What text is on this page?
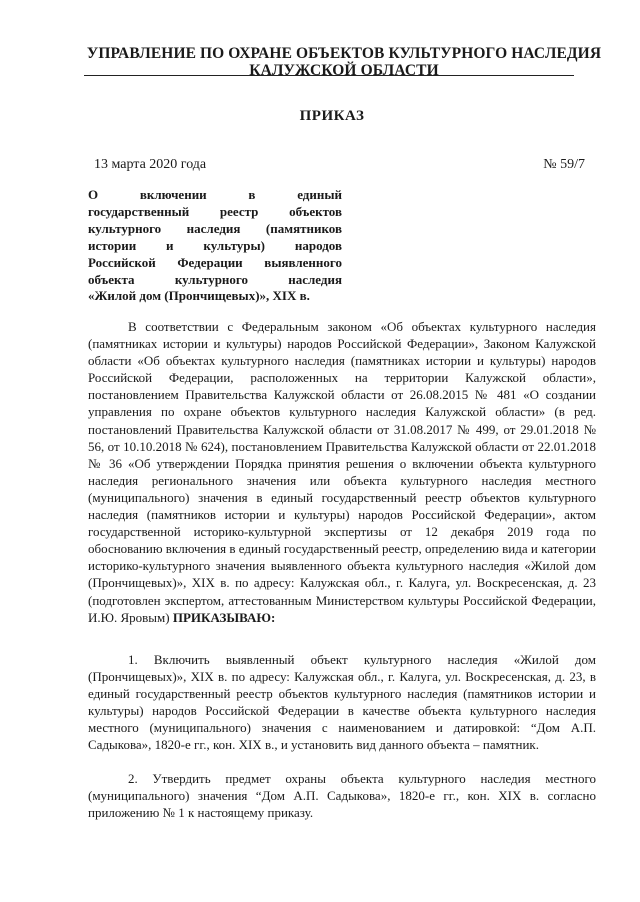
УПРАВЛЕНИЕ ПО ОХРАНЕ ОБЪЕКТОВ КУЛЬТУРНОГО НАСЛЕДИЯ
КАЛУЖСКОЙ ОБЛАСТИ
ПРИКАЗ
13 марта 2020 года	№ 59/7
О включении в единый
государственный реестр объектов
культурного наследия (памятников
истории и культуры) народов
Российской Федерации выявленного
объекта культурного наследия
«Жилой дом (Прончищевых)», XIX в.

В соответствии с Федеральным законом «Об объектах культурного наследия (памятниках истории и культуры) народов Российской Федерации», Законом Калужской области «Об объектах культурного наследия (памятниках истории и культуры) народов Российской Федерации, расположенных на территории Калужской области», постановлением Правительства Калужской области от 26.08.2015 № 481 «О создании управления по охране объектов культурного наследия Калужской области» (в ред. постановлений Правительства Калужской области от 31.08.2017 № 499, от 29.01.2018 № 56, от 10.10.2018 № 624), постановлением Правительства Калужской области от 22.01.2018 № 36 «Об утверждении Порядка принятия решения о включении объекта культурного наследия регионального значения или объекта культурного наследия местного (муниципального) значения в единый государственный реестр объектов культурного наследия (памятников истории и культуры) народов Российской Федерации», актом государственной историко-культурной экспертизы от 12 декабря 2019 года по обоснованию включения в единый государственный реестр, определению вида и категории историко-культурного значения выявленного объекта культурного наследия «Жилой дом (Прончищевых)», XIX в. по адресу: Калужская обл., г. Калуга, ул. Воскресенская, д. 23 (подготовлен экспертом, аттестованным Министерством культуры Российской Федерации, И.Ю. Яровым) ПРИКАЗЫВАЮ:

1. Включить выявленный объект культурного наследия «Жилой дом (Прончищевых)», XIX в. по адресу: Калужская обл., г. Калуга, ул. Воскресенская, д. 23, в единый государственный реестр объектов культурного наследия (памятников истории и культуры) народов Российской Федерации в качестве объекта культурного наследия местного (муниципального) значения с наименованием и датировкой: “Дом А.П. Садыкова», 1820-е гг., кон. XIX в., и установить вид данного объекта – памятник.

2. Утвердить предмет охраны объекта культурного наследия местного (муниципального) значения “Дом А.П. Садыкова», 1820-е гг., кон. XIX в. согласно приложению № 1 к настоящему приказу.
